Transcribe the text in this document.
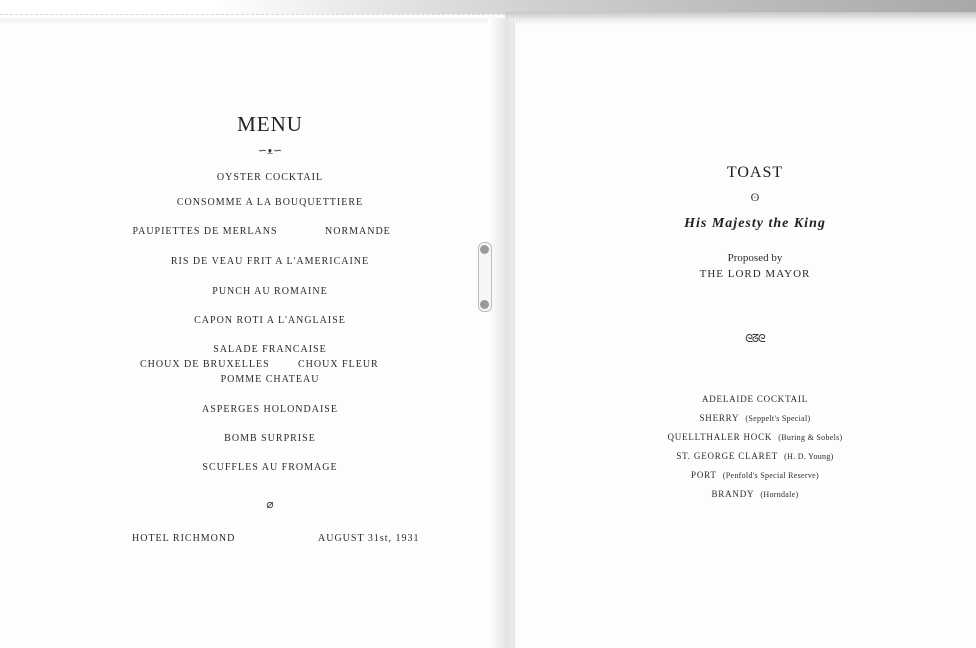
MENU
∽ᴥ∽
OYSTER COCKTAIL
CONSOMME A LA BOUQUETTIERE
PAUPIETTES DE MERLANS	NORMANDE
RIS DE VEAU FRIT A L'AMERICAINE
PUNCH AU ROMAINE
CAPON ROTI A L'ANGLAISE
SALADE FRANCAISE
CHOUX DE BRUXELLES	CHOUX FLEUR
POMME CHATEAU
ASPERGES HOLONDAISE
BOMB SURPRISE
SCUFFLES AU FROMAGE
⌀
HOTEL RICHMOND	AUGUST 31st, 1931
TOAST
ʘ
His Majesty the King
Proposed by
THE LORD MAYOR
ᘓᘔᘓ
ADELAIDE COCKTAIL
SHERRY (Seppelt's Special)
QUELLTHALER HOCK (Buring & Sobels)
ST. GEORGE CLARET (H. D. Young)
PORT (Penfold's Special Reserve)
BRANDY (Horndale)
